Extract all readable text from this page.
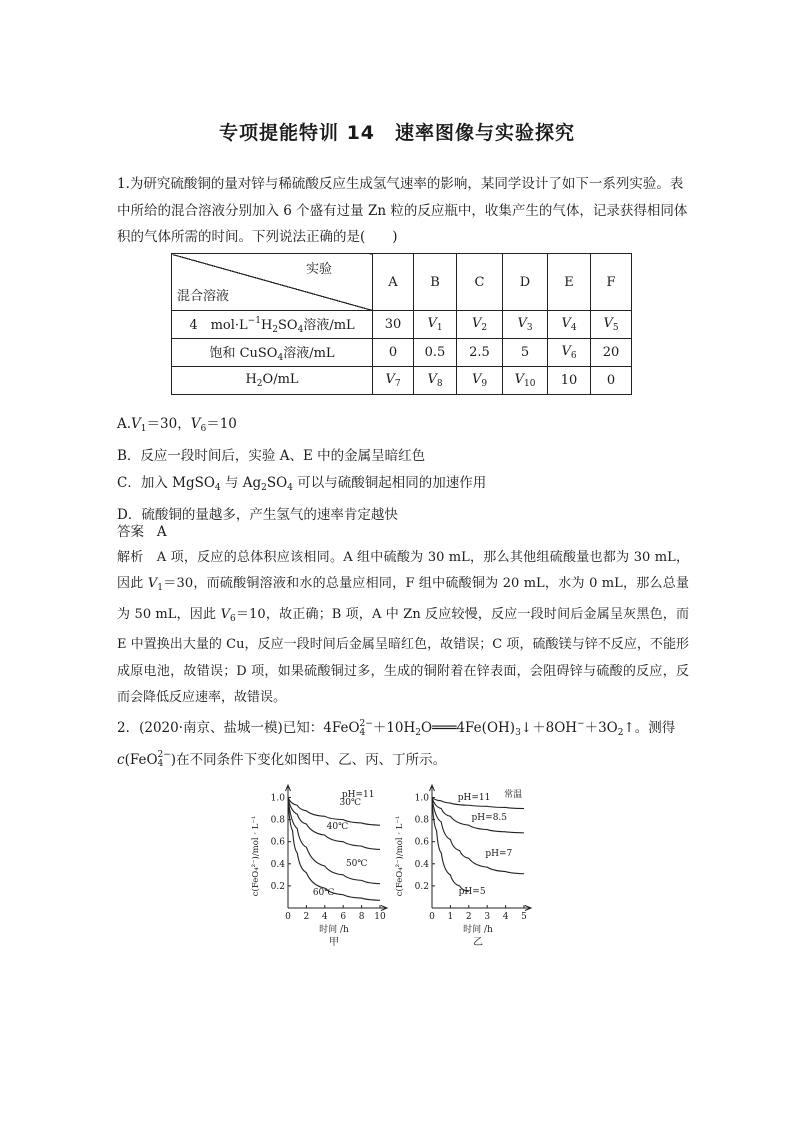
专项提能特训 14　速率图像与实验探究
1.为研究硫酸铜的量对锌与稀硫酸反应生成氢气速率的影响，某同学设计了如下一系列实验。表中所给的混合溶液分别加入 6 个盛有过量 Zn 粒的反应瓶中，收集产生的气体，记录获得相同体积的气体所需的时间。下列说法正确的是(　　)
实验
混合溶液	A	B	C	D	E	F
4　$mol\cdot L^{-1}H_2SO_4$溶液/mL	30	$V_1$	$V_2$	$V_3$	$V_4$	$V_5$
饱和 CuSO$_4$溶液/mL	0	0.5	2.5	5	$V_6$	20
$H_2O/mL$	$V_7$	$V_8$	$V_9$	$V_{10}$	10	0
$A.V_1=30$，$V_6=10$
B．反应一段时间后，实验 A、E 中的金属呈暗红色
C．加入 MgSO$_4$ 与 $Ag_2SO_4$ 可以与硫酸铜起相同的加速作用
D．硫酸铜的量越多，产生氢气的速率肯定越快
答案 A
解析 A 项，反应的总体积应该相同。A 组中硫酸为 30 mL，那么其他组硫酸量也都为 30 mL，因此 $V_1=30$，而硫酸铜溶液和水的总量应相同，F 组中硫酸铜为 20 mL，水为 0 mL，那么总量为 50 mL，因此 $V_6=10$，故正确；B 项，A 中 Zn 反应较慢，反应一段时间后金属呈灰黑色，而 E 中置换出大量的 Cu，反应一段时间后金属呈暗红色，故错误；C 项，硫酸镁与锌不反应，不能形成原电池，故错误；D 项，如果硫酸铜过多，生成的铜附着在锌表面，会阻碍锌与硫酸的反应，反而会降低反应速率，故错误。
2．(2020·南京、盐城一模)已知：4FeO 2−
$4 +10H_2O═══4Fe(OH)_3↓+8OH^-+3O_2↑$。测得
c(FeO 2−
4 )在不同条件下变化如图甲、乙、丙、丁所示。
0 2 4 6 8 10
0.2
0.4
0.6
0.8
1.0
时间 /h
c(FeO₄²⁻)/mol · L⁻¹
甲
pH=11
30℃
40℃
50℃
60℃
0 1 2 3 4 5
0.2
0.4
0.6
0.8
1.0
时间 /h
c(FeO₄²⁻)/mol · L⁻¹
乙
常温
pH=11
pH=8.5
pH=7
pH=5
